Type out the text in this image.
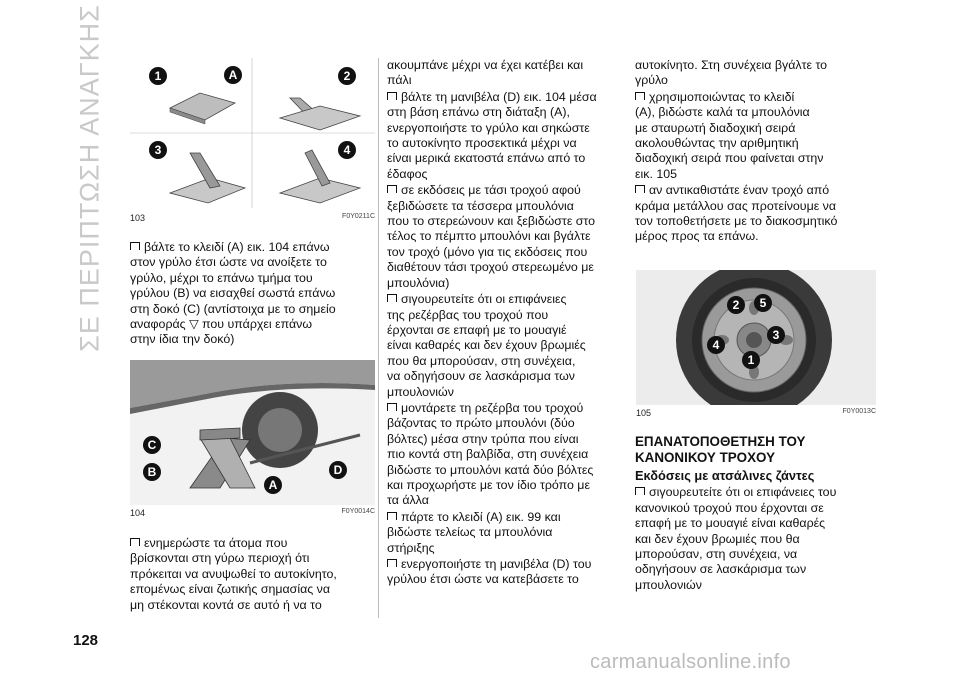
ΣΕ ΠΕΡΙΠΤΩΣΗ ΑΝΑΓΚΗΣ
128
1	A	2
3	4
103	F0Y0211C

βάλτε το κλειδί (A) εικ. 104 επάνω
στον γρύλο έτσι ώστε να ανοίξετε το
γρύλο, μέχρι το επάνω τμήμα του
γρύλου (B) να εισαχθεί σωστά επάνω
στη δοκό (C) (αντίστοιχα με το σημείο
αναφοράς ▽ που υπάρχει επάνω
στην ίδια την δοκό)

C
B
A
D
104	F0Y0014C

ενημερώστε τα άτομα που
βρίσκονται στη γύρω περιοχή ότι
πρόκειται να ανυψωθεί το αυτοκίνητο,
επομένως είναι ζωτικής σημασίας να
μη στέκονται κοντά σε αυτό ή να το

ακουμπάνε μέχρι να έχει κατέβει και
πάλι

βάλτε τη μανιβέλα (D) εικ. 104 μέσα
στη βάση επάνω στη διάταξη (A),
ενεργοποιήστε το γρύλο και σηκώστε
το αυτοκίνητο προσεκτικά μέχρι να
είναι μερικά εκατοστά επάνω από το
έδαφος

σε εκδόσεις με τάσι τροχού αφού
ξεβιδώσετε τα τέσσερα μπουλόνια
που το στερεώνουν και ξεβιδώστε στο
τέλος το πέμπτο μπουλόνι και βγάλτε
τον τροχό (μόνο για τις εκδόσεις που
διαθέτουν τάσι τροχού στερεωμένο με
μπουλόνια)

σιγουρευτείτε ότι οι επιφάνειες
της ρεζέρβας του τροχού που
έρχονται σε επαφή με το μουαγιέ
είναι καθαρές και δεν έχουν βρωμιές
που θα μπορούσαν, στη συνέχεια,
να οδηγήσουν σε λασκάρισμα των
μπουλονιών

μοντάρετε τη ρεζέρβα του τροχού
βάζοντας το πρώτο μπουλόνι (δύο
βόλτες) μέσα στην τρύπα που είναι
πιο κοντά στη βαλβίδα, στη συνέχεια
βιδώστε το μπουλόνι κατά δύο βόλτες
και προχωρήστε με τον ίδιο τρόπο με
τα άλλα

πάρτε το κλειδί (A) εικ. 99 και
βιδώστε τελείως τα μπουλόνια
στήριξης

ενεργοποιήστε τη μανιβέλα (D) του
γρύλου έτσι ώστε να κατεβάσετε το

αυτοκίνητο. Στη συνέχεια βγάλτε το
γρύλο

χρησιμοποιώντας το κλειδί
(A), βιδώστε καλά τα μπουλόνια
με σταυρωτή διαδοχική σειρά
ακολουθώντας την αριθμητική
διαδοχική σειρά που φαίνεται στην
εικ. 105

αν αντικαθιστάτε έναν τροχό από
κράμα μετάλλου σας προτείνουμε να
τον τοποθετήσετε με το διακοσμητικό
μέρος προς τα επάνω.

1
2
3
4
5
105	F0Y0013C
ΕΠΑΝΑΤΟΠΟΘΕΤΗΣΗ ΤΟΥ
ΚΑΝΟΝΙΚΟΥ ΤΡΟΧΟΥ
Εκδόσεις με ατσάλινες ζάντες

σιγουρευτείτε ότι οι επιφάνειες του
κανονικού τροχού που έρχονται σε
επαφή με το μουαγιέ είναι καθαρές
και δεν έχουν βρωμιές που θα
μπορούσαν, στη συνέχεια, να
οδηγήσουν σε λασκάρισμα των
μπουλονιών

carmanualsonline.info
